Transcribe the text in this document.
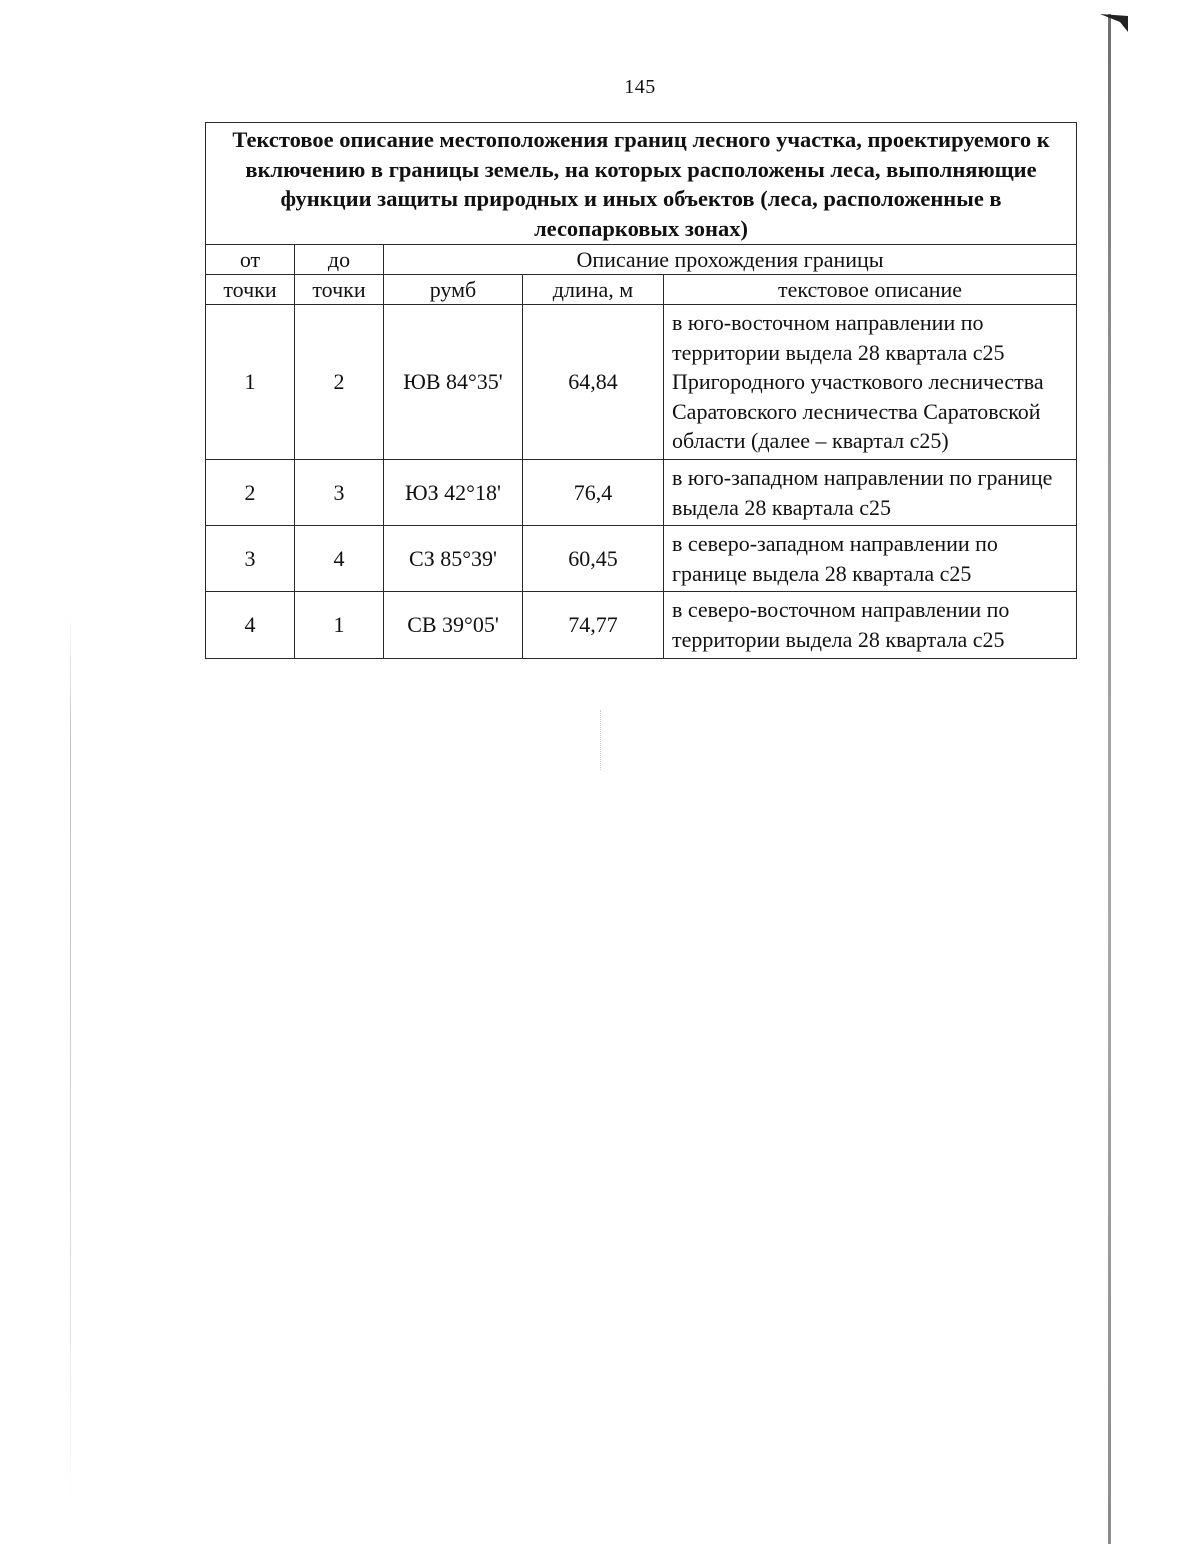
145
Текстовое описание местоположения границ лесного участка, проектируемого к включению в границы земель, на которых расположены леса, выполняющие функции защиты природных и иных объектов (леса, расположенные в лесопарковых зонах)				
от	до	Описание прохождения границы		
точки	точки	румб	длина, м	текстовое описание
1	2	ЮВ 84°35'	64,84	в юго-восточном направлении по территории выдела 28 квартала с25 Пригородного участкового лесничества Саратовского лесничества Саратовской области (далее – квартал с25)
2	3	ЮЗ 42°18'	76,4	в юго-западном направлении по границе выдела 28 квартала с25
3	4	СЗ 85°39'	60,45	в северо-западном направлении по границе выдела 28 квартала с25
4	1	СВ 39°05'	74,77	в северо-восточном направлении по территории выдела 28 квартала с25
